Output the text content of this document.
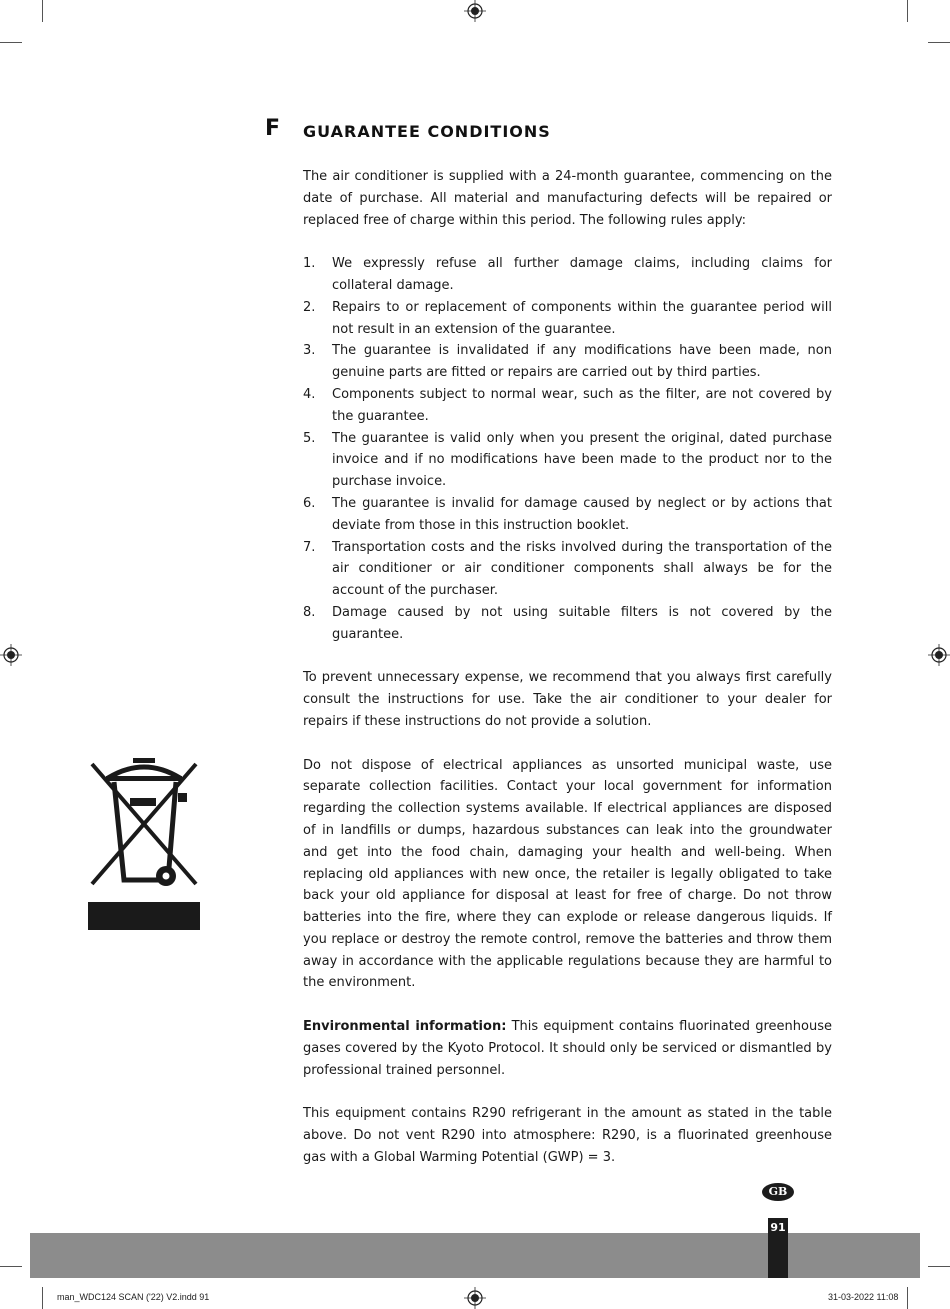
F GUARANTEE CONDITIONS

The air conditioner is supplied with a 24-month guarantee, commencing on the date of purchase. All material and manufacturing defects will be repaired or replaced free of charge within this period. The following rules apply:

1. We expressly refuse all further damage claims, including claims for collateral damage.
2. Repairs to or replacement of components within the guarantee period will not result in an extension of the guarantee.
3. The guarantee is invalidated if any modifications have been made, non genuine parts are fitted or repairs are carried out by third parties.
4. Components subject to normal wear, such as the filter, are not covered by the guarantee.
5. The guarantee is valid only when you present the original, dated purchase invoice and if no modifications have been made to the product nor to the purchase invoice.
6. The guarantee is invalid for damage caused by neglect or by actions that deviate from those in this instruction booklet.
7. Transportation costs and the risks involved during the transportation of the air conditioner or air conditioner components shall always be for the account of the purchaser.
8. Damage caused by not using suitable filters is not covered by the guarantee.

To prevent unnecessary expense, we recommend that you always first carefully consult the instructions for use. Take the air conditioner to your dealer for repairs if these instructions do not provide a solution.

Do not dispose of electrical appliances as unsorted municipal waste, use separate collection facilities. Contact your local government for information regarding the collection systems available. If electrical appliances are disposed of in landfills or dumps, hazardous substances can leak into the groundwater and get into the food chain, damaging your health and well-being. When replacing old appliances with new once, the retailer is legally obligated to take back your old appliance for disposal at least for free of charge. Do not throw batteries into the fire, where they can explode or release dangerous liquids. If you replace or destroy the remote control, remove the batteries and throw them away in accordance with the applicable regulations because they are harmful to the environment.

Environmental information: This equipment contains fluorinated greenhouse gases covered by the Kyoto Protocol. It should only be serviced or dismantled by professional trained personnel.

This equipment contains R290 refrigerant in the amount as stated in the table above. Do not vent R290 into atmosphere: R290, is a fluorinated greenhouse gas with a Global Warming Potential (GWP) = 3.

GB
91
man_WDC124 SCAN ('22) V2.indd 91	31-03-2022 11:08
